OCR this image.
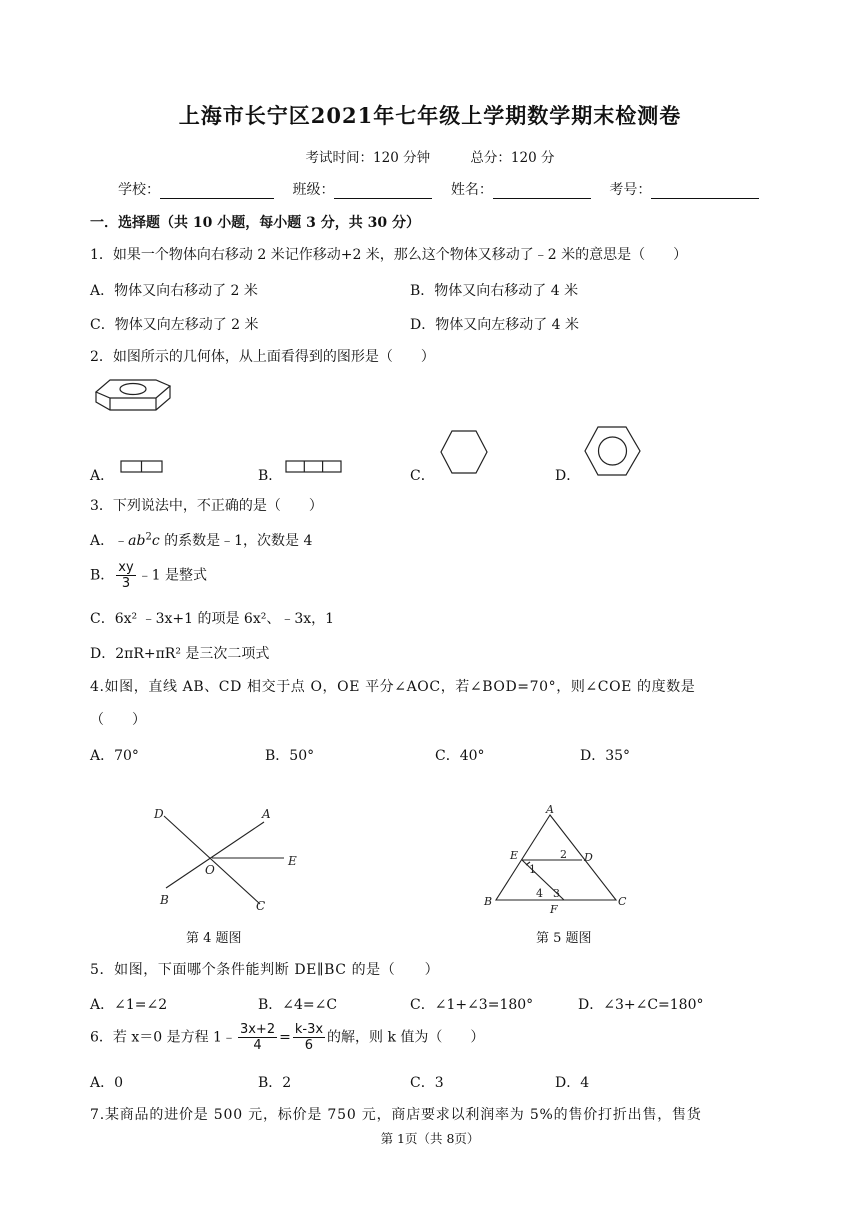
上海市长宁区2021年七年级上学期数学期末检测卷
考试时间：120 分钟	总分：120 分
学校：	班级：	姓名：	考号：
一．选择题（共 10 小题，每小题 3 分，共 30 分）
1．如果一个物体向右移动 2 米记作移动+2 米，那么这个物体又移动了﹣2 米的意思是（　　）
A．物体又向右移动了 2 米	B．物体又向右移动了 4 米
C．物体又向左移动了 2 米	D．物体又向左移动了 4 米
2．如图所示的几何体，从上面看得到的图形是（　　）
A．	B．	C．	D．
3．下列说法中，不正确的是（　　）
A．$﹣ab^2c$ 的系数是﹣1，次数是 4
B． $\frac{xy}{3}$ ﹣1 是整式
C．6x² ﹣3x+1 的项是 6x²、﹣3x，1
D．2πR+πR² 是三次二项式
4.如图，直线 AB、CD 相交于点 O，OE 平分∠AOC，若∠BOD=70°，则∠COE 的度数是
（　　）
A．70°	B．50°	C．40°	D．35°
D	A
O
E
B	C
第 4 题图
A
E	2 D
1
4 3
B
F
C
第 5 题图
5．如图，下面哪个条件能判断 DE∥BC 的是（　　）
A．∠1=∠2	B．∠4=∠C	C．∠1+∠3=180°	D．∠3+∠C=180°
6．若 x＝0 是方程 1﹣ $\frac{3x+2}{4} = \frac{k-3x}{6}$ 的解，则 k 值为（　　）
A．0	B．2	C．3	D．4
7.某商品的进价是 500 元，标价是 750 元，商店要求以利润率为 5%的售价打折出售，售货
第 1页（共 8页）
